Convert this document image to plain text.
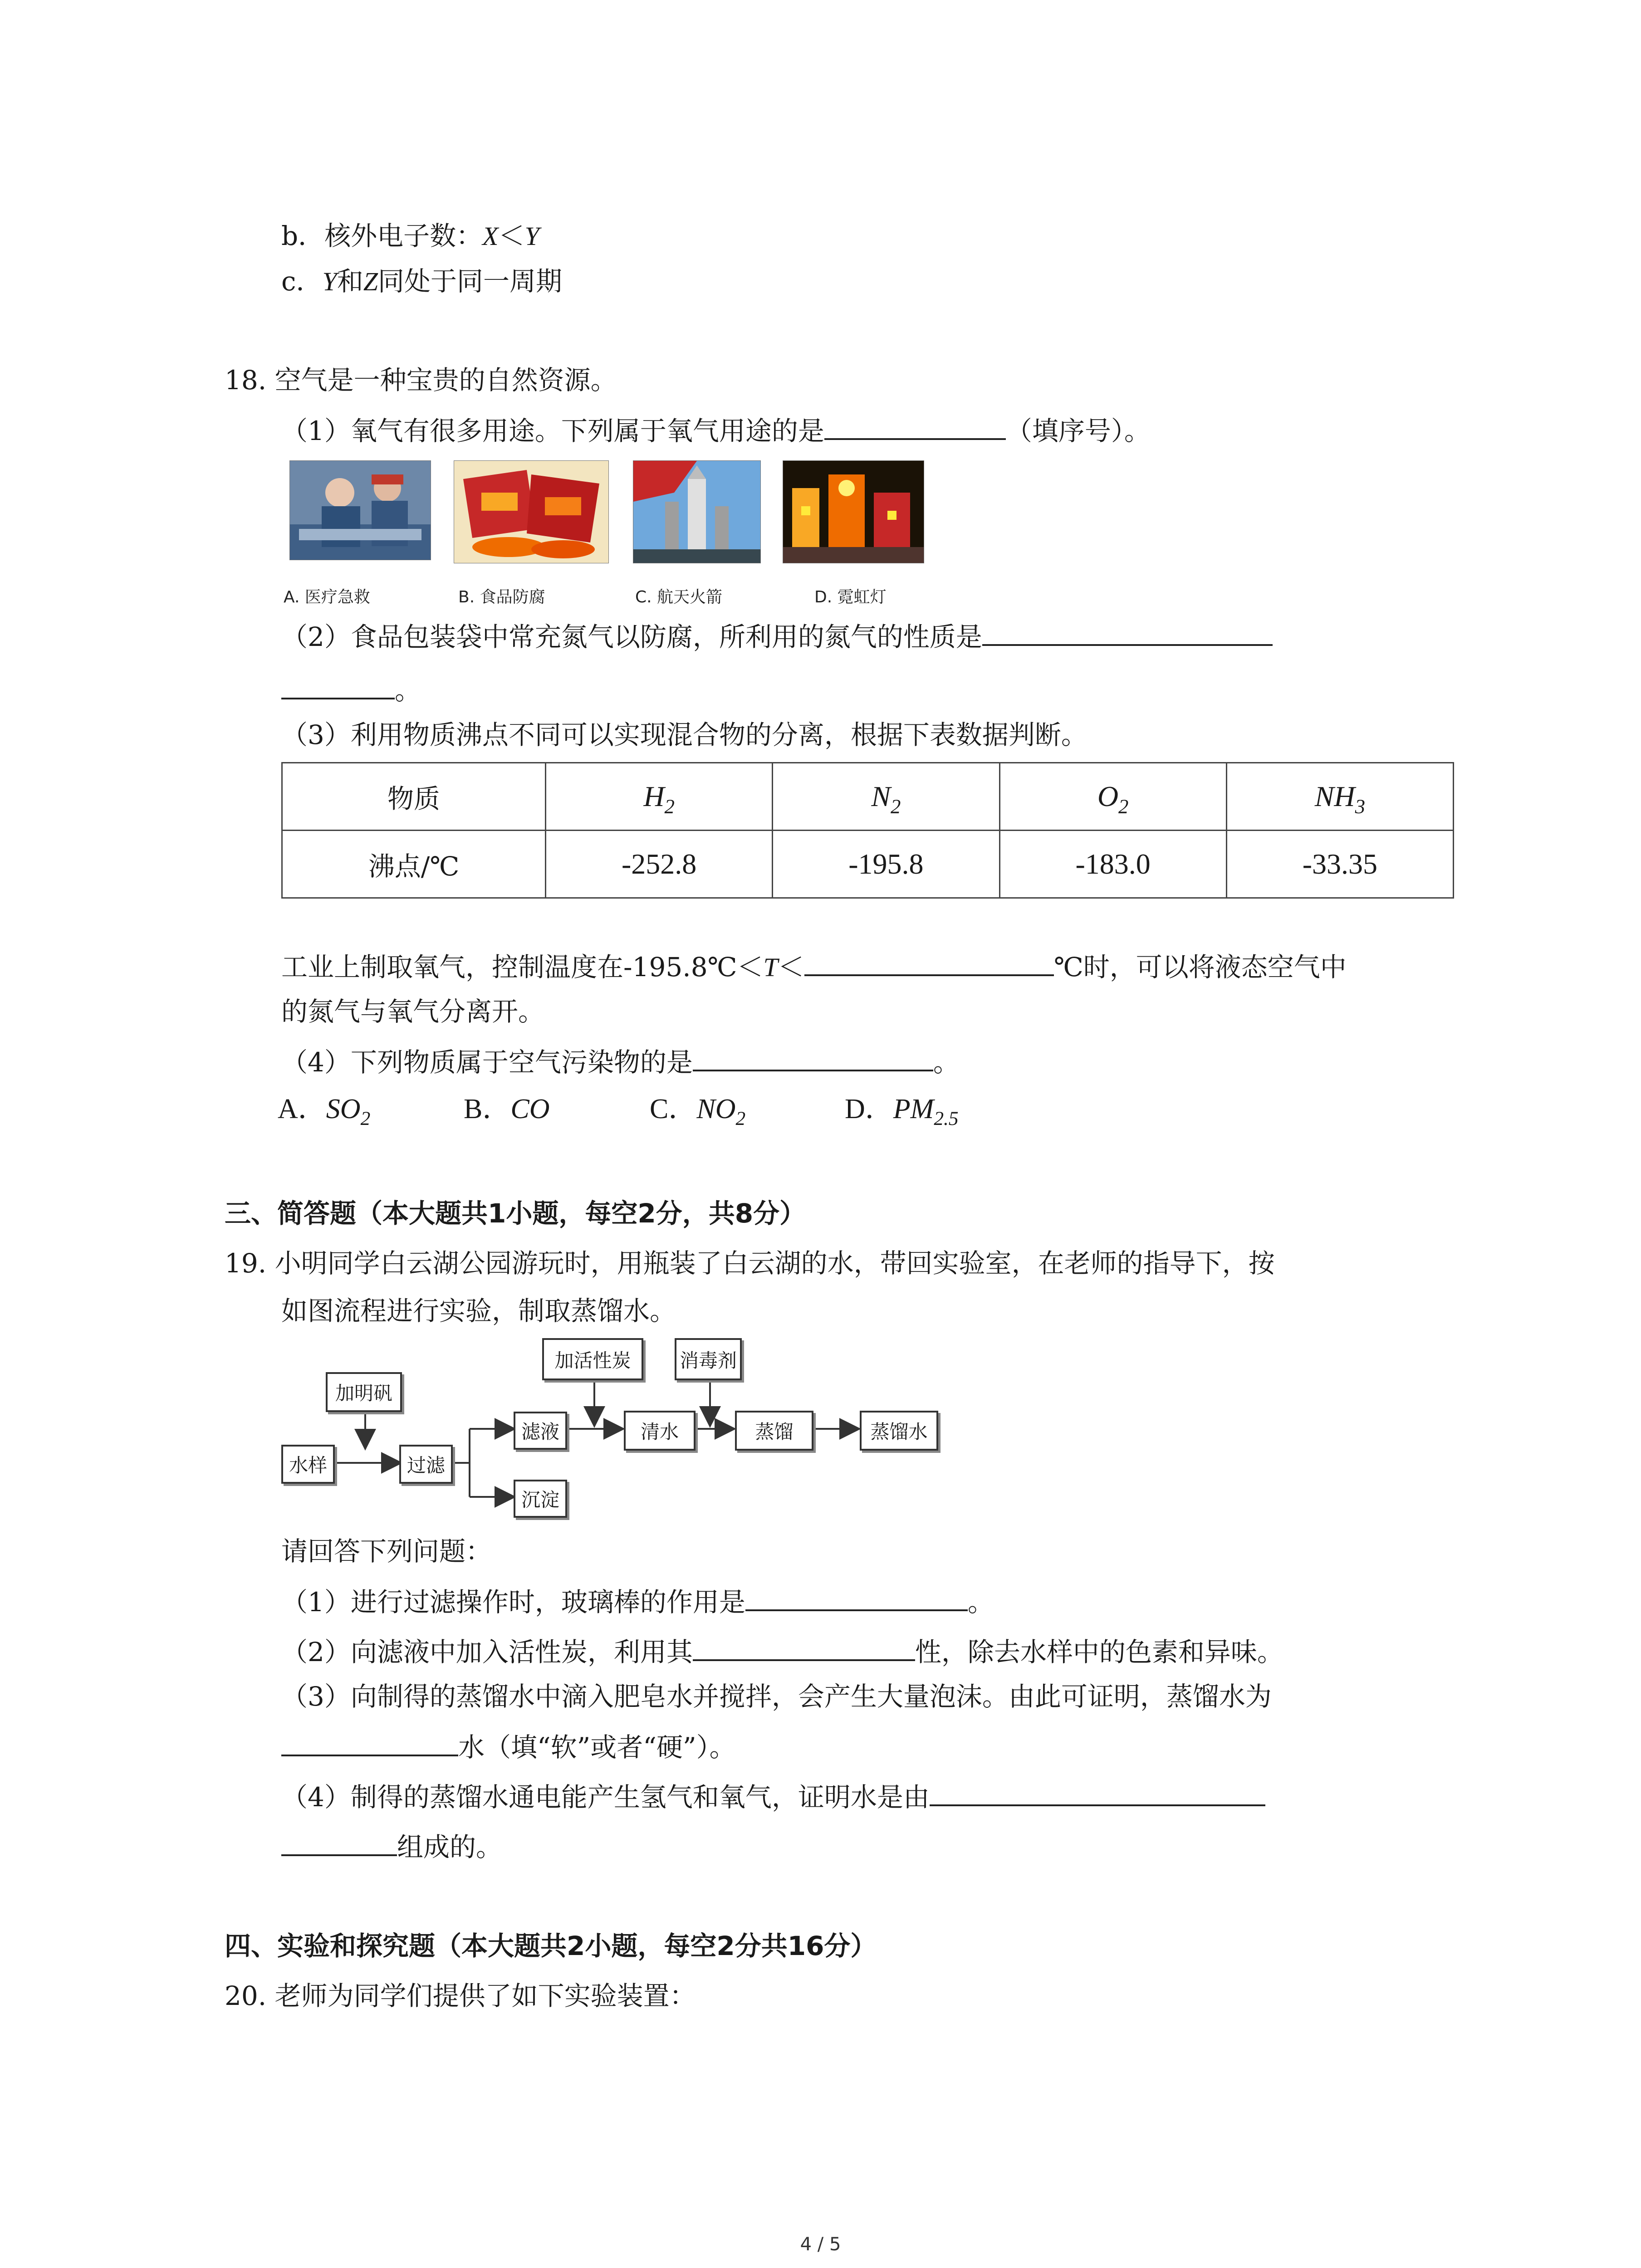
b．核外电子数：X＜Y
c．Y和Z同处于同一周期
18. 空气是一种宝贵的自然资源。
（1）氧气有很多用途。下列属于氧气用途的是	（填序号）。
A. 医疗急救	B. 食品防腐	C. 航天火箭	D. 霓虹灯
（2）食品包装袋中常充氮气以防腐，所利用的氮气的性质是
。
（3）利用物质沸点不同可以实现混合物的分离，根据下表数据判断。
物质	$H_2$	$N_2$	$O_2$	$NH_3$
沸点/℃	-252.8	-195.8	-183.0	-33.35
工业上制取氧气，控制温度在-195.8℃＜T＜	℃时，可以将液态空气中
的氮气与氧气分离开。
（4）下列物质属于空气污染物的是	。
A．$SO_2$	B．CO	C．$NO_2$	D．$PM_{2.5}$
三、简答题（本大题共1小题，每空2分，共8分）
19. 小明同学白云湖公园游玩时，用瓶装了白云湖的水，带回实验室，在老师的指导下，按
如图流程进行实验，制取蒸馏水。
加明矾
水样	过滤
滤液
沉淀
加活性炭	消毒剂
清水	蒸馏	蒸馏水
请回答下列问题：
（1）进行过滤操作时，玻璃棒的作用是	。
（2）向滤液中加入活性炭，利用其	性，除去水样中的色素和异味。
（3）向制得的蒸馏水中滴入肥皂水并搅拌，会产生大量泡沫。由此可证明，蒸馏水为
水（填“软”或者“硬”）。
（4）制得的蒸馏水通电能产生氢气和氧气，证明水是由
组成的。
四、实验和探究题（本大题共2小题，每空2分共16分）
20. 老师为同学们提供了如下实验装置：
4 / 5
